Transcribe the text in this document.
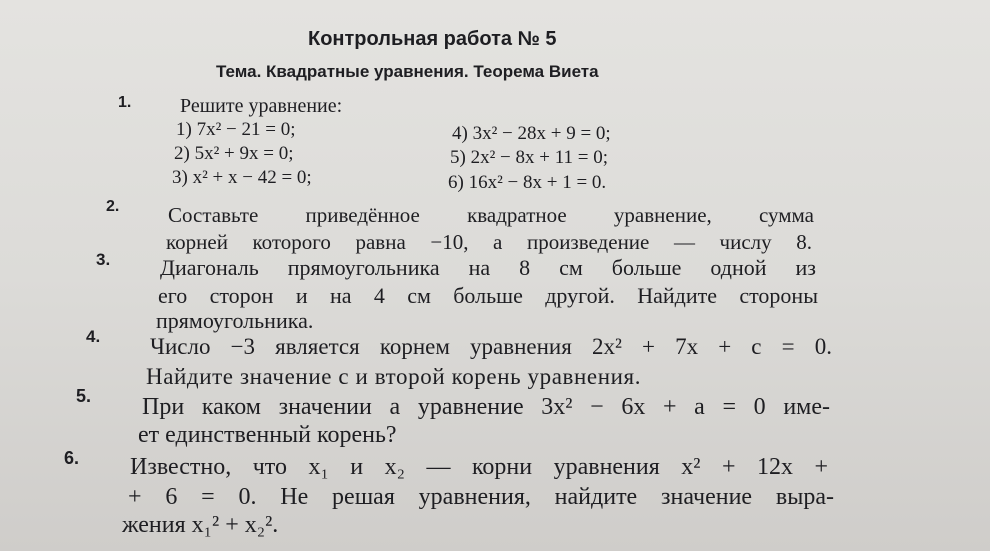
Контрольная работа № 5
Тема. Квадратные уравнения. Теорема Виета
1. Решите уравнение:
1) 7x² − 21 = 0;
2) 5x² + 9x = 0;
3) x² + x − 42 = 0;
4) 3x² − 28x + 9 = 0;
5) 2x² − 8x + 11 = 0;
6) 16x² − 8x + 1 = 0.
2. Составьте приведённое квадратное уравнение, сумма
корней которого равна −10, а произведение — числу 8.
3. Диагональ прямоугольника на 8 см больше одной из
его сторон и на 4 см больше другой. Найдите стороны
прямоугольника.
4. Число −3 является корнем уравнения 2x² + 7x + c = 0.
Найдите значение c и второй корень уравнения.
5. При каком значении a уравнение 3x² − 6x + a = 0 име-
ет единственный корень?
6. Известно, что x₁ и x₂ — корни уравнения x² + 12x +
+ 6 = 0. Не решая уравнения, найдите значение выра-
жения x₁² + x₂².
